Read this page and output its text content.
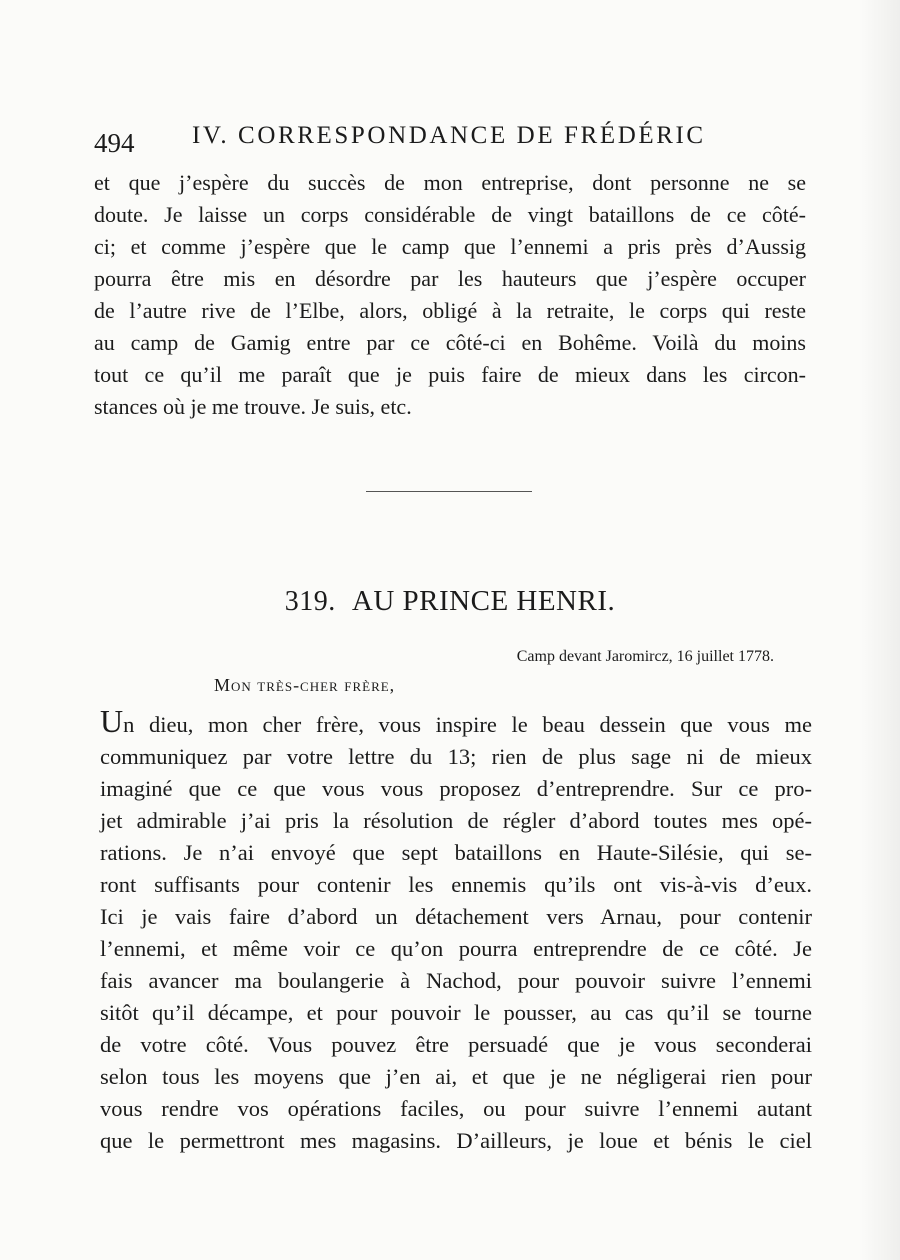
494 IV. CORRESPONDANCE DE FRÉDÉRIC
et que j’espère du succès de mon entreprise, dont personne ne se
doute. Je laisse un corps considérable de vingt bataillons de ce côté-
ci; et comme j’espère que le camp que l’ennemi a pris près d’Aussig
pourra être mis en désordre par les hauteurs que j’espère occuper
de l’autre rive de l’Elbe, alors, obligé à la retraite, le corps qui reste
au camp de Gamig entre par ce côté-ci en Bohême. Voilà du moins
tout ce qu’il me paraît que je puis faire de mieux dans les circon-
stances où je me trouve. Je suis, etc.
319. AU PRINCE HENRI.
Camp devant Jaromircz, 16 juillet 1778.
Mon très-cher frère,
Un dieu, mon cher frère, vous inspire le beau dessein que vous me
communiquez par votre lettre du 13; rien de plus sage ni de mieux
imaginé que ce que vous vous proposez d’entreprendre. Sur ce pro-
jet admirable j’ai pris la résolution de régler d’abord toutes mes opé-
rations. Je n’ai envoyé que sept bataillons en Haute-Silésie, qui se-
ront suffisants pour contenir les ennemis qu’ils ont vis-à-vis d’eux.
Ici je vais faire d’abord un détachement vers Arnau, pour contenir
l’ennemi, et même voir ce qu’on pourra entreprendre de ce côté. Je
fais avancer ma boulangerie à Nachod, pour pouvoir suivre l’ennemi
sitôt qu’il décampe, et pour pouvoir le pousser, au cas qu’il se tourne
de votre côté. Vous pouvez être persuadé que je vous seconderai
selon tous les moyens que j’en ai, et que je ne négligerai rien pour
vous rendre vos opérations faciles, ou pour suivre l’ennemi autant
que le permettront mes magasins. D’ailleurs, je loue et bénis le ciel
